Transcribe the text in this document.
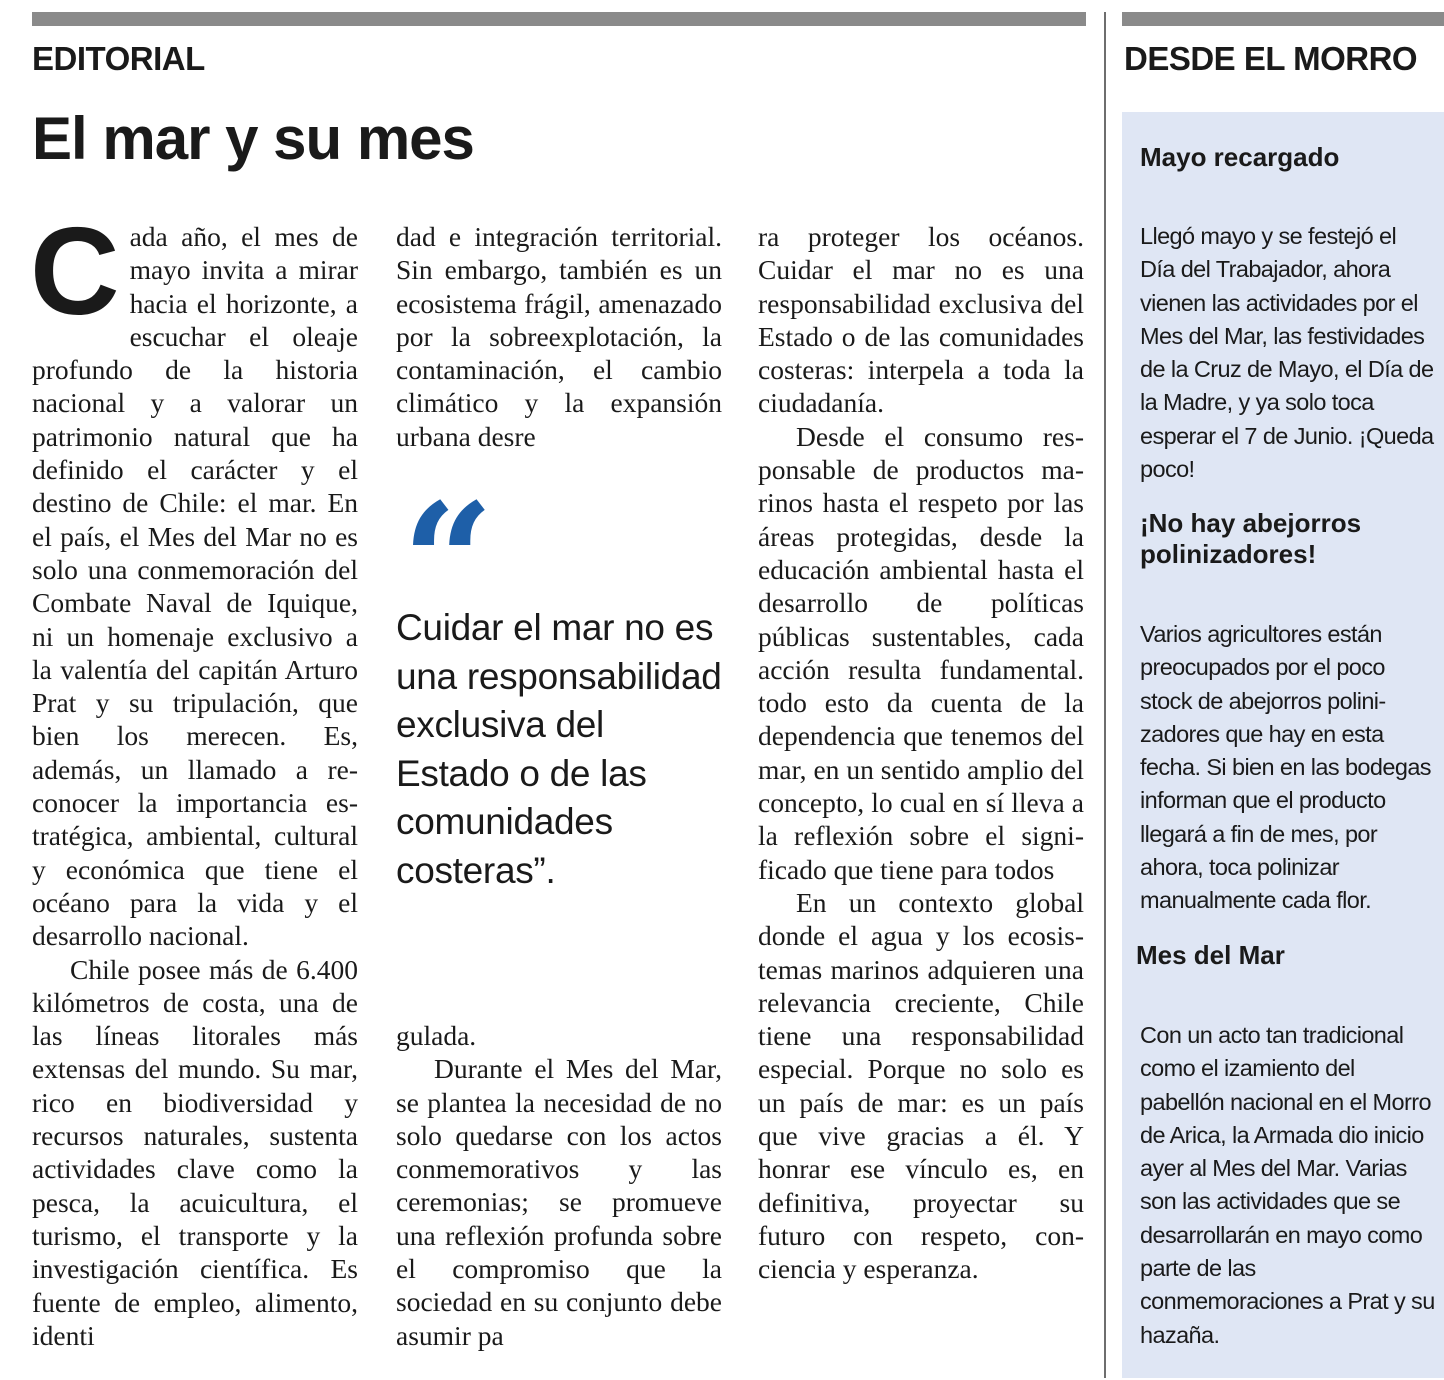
EDITORIAL
El mar y su mes

Cada año, el mes de mayo invita a mirar hacia el horizonte, a escuchar el oleaje profundo de la historia nacional y a valorar un patrimonio natural que ha definido el carácter y el destino de Chile: el mar. En el país, el Mes del Mar no es solo una conmemoración del Combate Naval de Iquique, ni un homenaje exclusivo a la valentía del capitán Arturo Prat y su tripulación, que bien los merecen. Es, además, un llamado a reconocer la importancia estratégica, ambiental, cultural y económica que tiene el océano para la vida y el desarrollo nacional.

Chile posee más de 6.400 kilómetros de costa, una de las líneas litorales más extensas del mundo. Su mar, rico en biodiversidad y recursos naturales, sustenta actividades clave como la pesca, la acuicultura, el turismo, el transporte y la investigación científica. Es fuente de empleo, alimento, identi

dad e integración territorial. Sin embargo, también es un ecosistema frágil, amenazado por la sobreexplotación, la contaminación, el cambio climático y la expansión urbana desre

“

Cuidar el mar no es una responsabilidad exclusiva del Estado o de las comunidades costeras”.

gulada.

Durante el Mes del Mar, se plantea la necesidad de no solo quedarse con los actos conmemorativos y las ceremonias; se promueve una reflexión profunda sobre el compromiso que la sociedad en su conjunto debe asumir pa

ra proteger los océanos. Cuidar el mar no es una responsabilidad exclusiva del Estado o de las comunidades costeras: interpela a toda la ciudadanía.

Desde el consumo responsable de productos marinos hasta el respeto por las áreas protegidas, desde la educación ambiental hasta el desarrollo de políticas públicas sustentables, cada acción resulta fundamental. todo esto da cuenta de la dependencia que tenemos del mar, en un sentido amplio del concepto, lo cual en sí lleva a la reflexión sobre el significado que tiene para todos

En un contexto global donde el agua y los ecosistemas marinos adquieren una relevancia creciente, Chile tiene una responsabilidad especial. Porque no solo es un país de mar: es un país que vive gracias a él. Y honrar ese vínculo es, en definitiva, proyectar su futuro con respeto, conciencia y esperanza.

DESDE EL MORRO
Mayo recargado

Llegó mayo y se festejó el Día del Trabajador, ahora vienen las actividades por el Mes del Mar, las festividades de la Cruz de Mayo, el Día de la Madre, y ya solo toca esperar el 7 de Junio. ¡Queda poco!

¡No hay abejorros polinizadores!

Varios agricultores están preocupados por el poco stock de abejorros polinizadores que hay en esta fecha. Si bien en las bodegas informan que el producto llegará a fin de mes, por ahora, toca polinizar manualmente cada flor.

Mes del Mar

Con un acto tan tradicional como el izamiento del pabellón nacional en el Morro de Arica, la Armada dio inicio ayer al Mes del Mar. Varias son las actividades que se desarrollarán en mayo como parte de las conmemoraciones a Prat y su hazaña.
